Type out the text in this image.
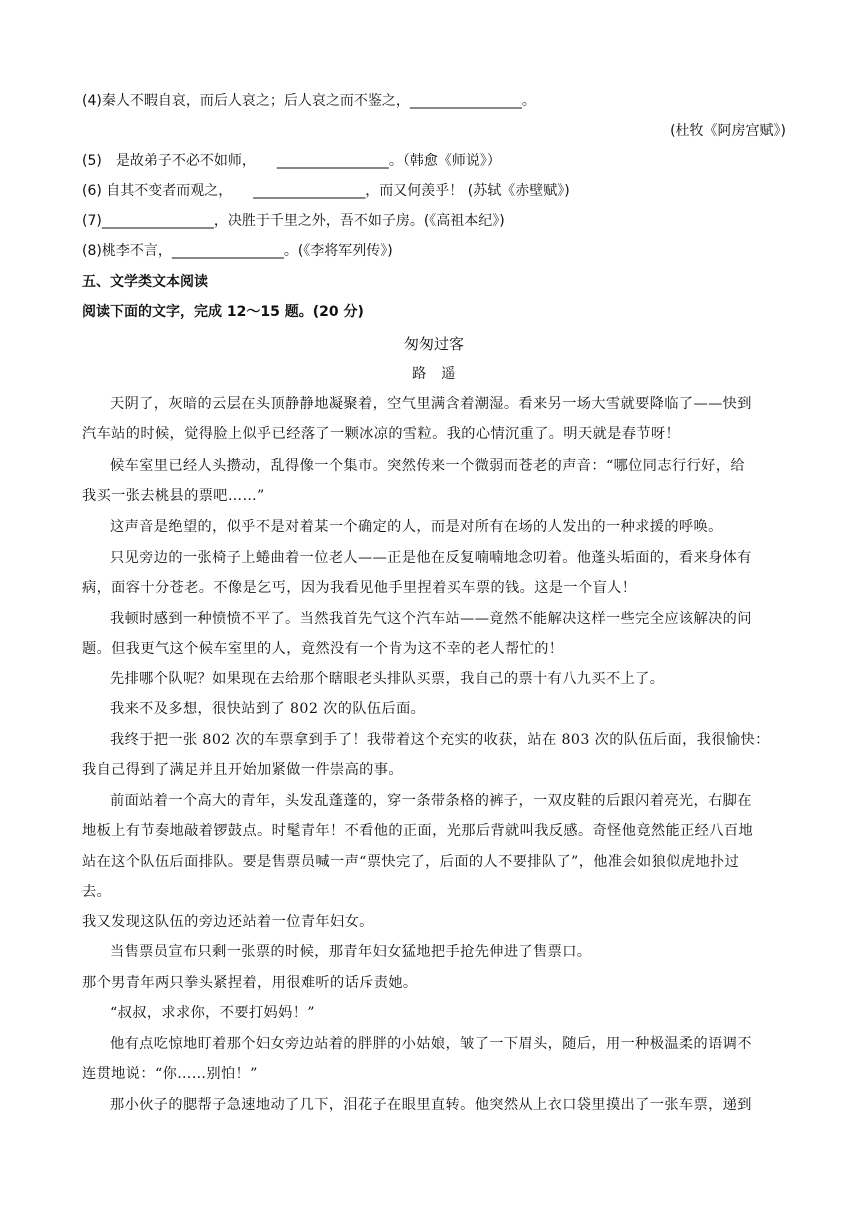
(4)秦人不暇自哀，而后人哀之；后人哀之而不鉴之，________________。
(杜牧《阿房宫赋》)
(5)　是故弟子不必不如师，　　________________。（韩愈《师说》）
(6) 自其不变者而观之，　　________________，而又何羡乎！ (苏轼《赤壁赋》)
(7)________________，决胜于千里之外，吾不如子房。(《高祖本纪》)
(8)桃李不言，________________。(《李将军列传》)
五、文学类文本阅读
阅读下面的文字，完成 12～15 题。(20 分)
匆匆过客
路　遥
天阴了，灰暗的云层在头顶静静地凝聚着，空气里满含着潮湿。看来另一场大雪就要降临了——快到
汽车站的时候，觉得脸上似乎已经落了一颗冰凉的雪粒。我的心情沉重了。明天就是春节呀！
候车室里已经人头攒动，乱得像一个集市。突然传来一个微弱而苍老的声音：“哪位同志行行好，给
我买一张去桃县的票吧……”
这声音是绝望的，似乎不是对着某一个确定的人，而是对所有在场的人发出的一种求援的呼唤。
只见旁边的一张椅子上蜷曲着一位老人——正是他在反复喃喃地念叨着。他蓬头垢面的，看来身体有
病，面容十分苍老。不像是乞丐，因为我看见他手里捏着买车票的钱。这是一个盲人！
我顿时感到一种愤愤不平了。当然我首先气这个汽车站——竟然不能解决这样一些完全应该解决的问
题。但我更气这个候车室里的人，竟然没有一个肯为这不幸的老人帮忙的！
先排哪个队呢？如果现在去给那个瞎眼老头排队买票，我自己的票十有八九买不上了。
我来不及多想，很快站到了 802 次的队伍后面。
我终于把一张 802 次的车票拿到手了！我带着这个充实的收获，站在 803 次的队伍后面，我很愉快：
我自己得到了满足并且开始加紧做一件崇高的事。
前面站着一个高大的青年，头发乱蓬蓬的，穿一条带条格的裤子，一双皮鞋的后跟闪着亮光，右脚在
地板上有节奏地敲着锣鼓点。时髦青年！不看他的正面，光那后背就叫我反感。奇怪他竟然能正经八百地
站在这个队伍后面排队。要是售票员喊一声“票快完了，后面的人不要排队了”，他准会如狼似虎地扑过
去。
我又发现这队伍的旁边还站着一位青年妇女。
当售票员宣布只剩一张票的时候，那青年妇女猛地把手抢先伸进了售票口。
那个男青年两只拳头紧捏着，用很难听的话斥责她。
“叔叔，求求你，不要打妈妈！”
他有点吃惊地盯着那个妇女旁边站着的胖胖的小姑娘，皱了一下眉头，随后，用一种极温柔的语调不
连贯地说：“你……别怕！”
那小伙子的腮帮子急速地动了几下，泪花子在眼里直转。他突然从上衣口袋里摸出了一张车票，递到
